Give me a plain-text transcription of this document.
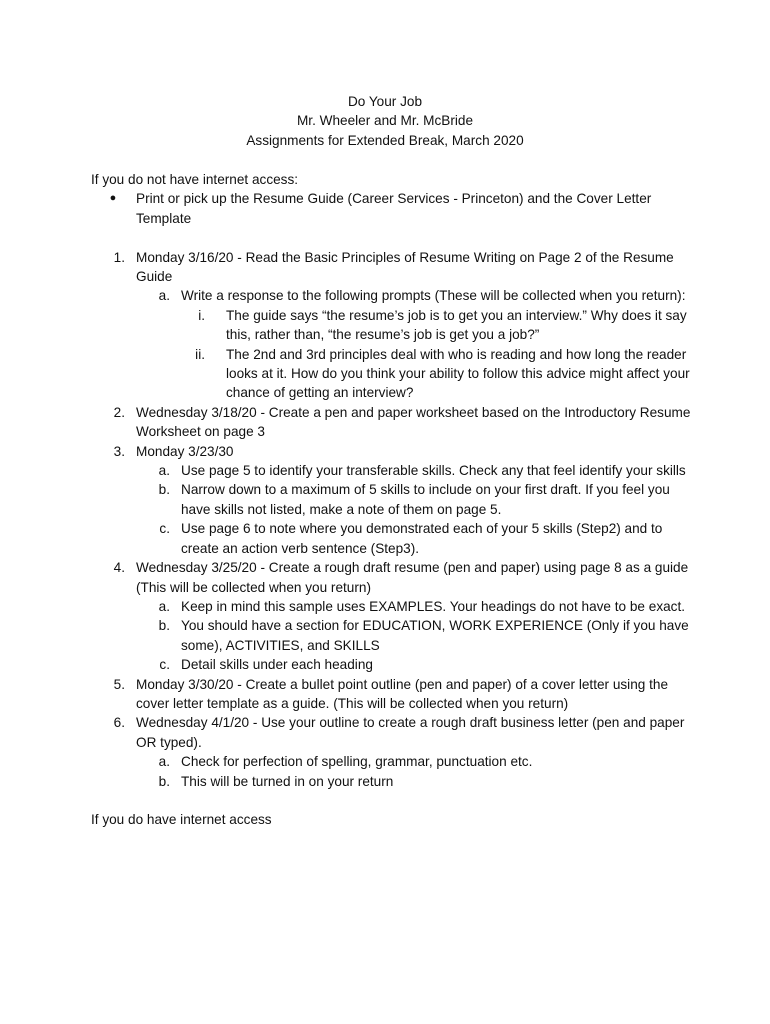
Do Your Job
Mr. Wheeler and Mr. McBride
Assignments for Extended Break, March 2020

If you do not have internet access:

●	Print or pick up the Resume Guide (Career Services - Princeton) and the Cover Letter Template
1. Monday 3/16/20 - Read the Basic Principles of Resume Writing on Page 2 of the Resume Guide
a. Write a response to the following prompts (These will be collected when you return):
i. The guide says “the resume’s job is to get you an interview.” Why does it say this, rather than, “the resume’s job is get you a job?”
ii. The 2nd and 3rd principles deal with who is reading and how long the reader looks at it. How do you think your ability to follow this advice might affect your chance of getting an interview?
2. Wednesday 3/18/20 - Create a pen and paper worksheet based on the Introductory Resume Worksheet on page 3
3. Monday 3/23/30
a. Use page 5 to identify your transferable skills. Check any that feel identify your skills
b. Narrow down to a maximum of 5 skills to include on your first draft. If you feel you have skills not listed, make a note of them on page 5.
c. Use page 6 to note where you demonstrated each of your 5 skills (Step2) and to create an action verb sentence (Step3).
4. Wednesday 3/25/20 - Create a rough draft resume (pen and paper) using page 8 as a guide (This will be collected when you return)
a. Keep in mind this sample uses EXAMPLES. Your headings do not have to be exact.
b. You should have a section for EDUCATION, WORK EXPERIENCE (Only if you have some), ACTIVITIES, and SKILLS
c. Detail skills under each heading
5. Monday 3/30/20 - Create a bullet point outline (pen and paper) of a cover letter using the cover letter template as a guide. (This will be collected when you return)
6. Wednesday 4/1/20 - Use your outline to create a rough draft business letter (pen and paper OR typed).
a. Check for perfection of spelling, grammar, punctuation etc.
b. This will be turned in on your return

If you do have internet access
